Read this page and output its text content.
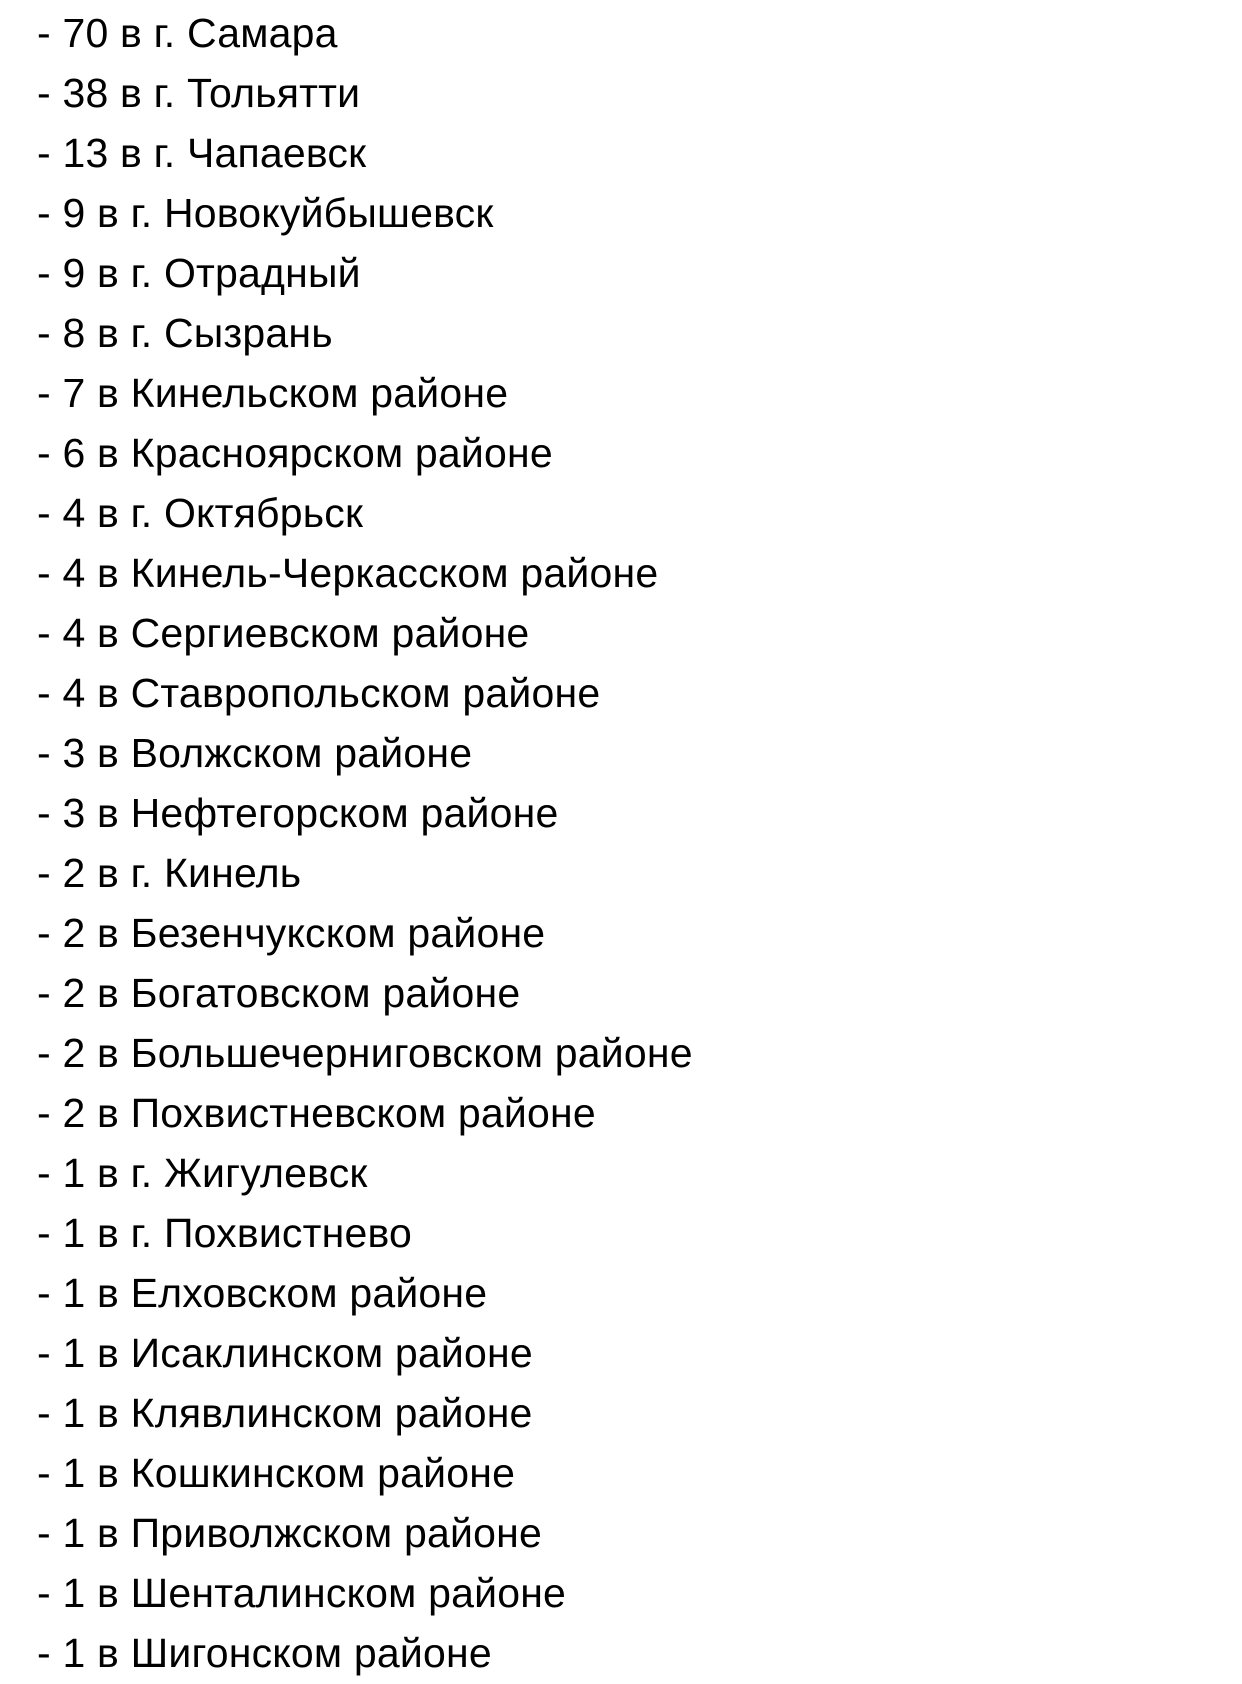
- 70 в г. Самара
- 38 в г. Тольятти
- 13 в г. Чапаевск
- 9 в г. Новокуйбышевск
- 9 в г. Отрадный
- 8 в г. Сызрань
- 7 в Кинельском районе
- 6 в Красноярском районе
- 4 в г. Октябрьск
- 4 в Кинель-Черкасском районе
- 4 в Сергиевском районе
- 4 в Ставропольском районе
- 3 в Волжском районе
- 3 в Нефтегорском районе
- 2 в г. Кинель
- 2 в Безенчукском районе
- 2 в Богатовском районе
- 2 в Большечерниговском районе
- 2 в Похвистневском районе
- 1 в г. Жигулевск
- 1 в г. Похвистнево
- 1 в Елховском районе
- 1 в Исаклинском районе
- 1 в Клявлинском районе
- 1 в Кошкинском районе
- 1 в Приволжском районе
- 1 в Шенталинском районе
- 1 в Шигонском районе
